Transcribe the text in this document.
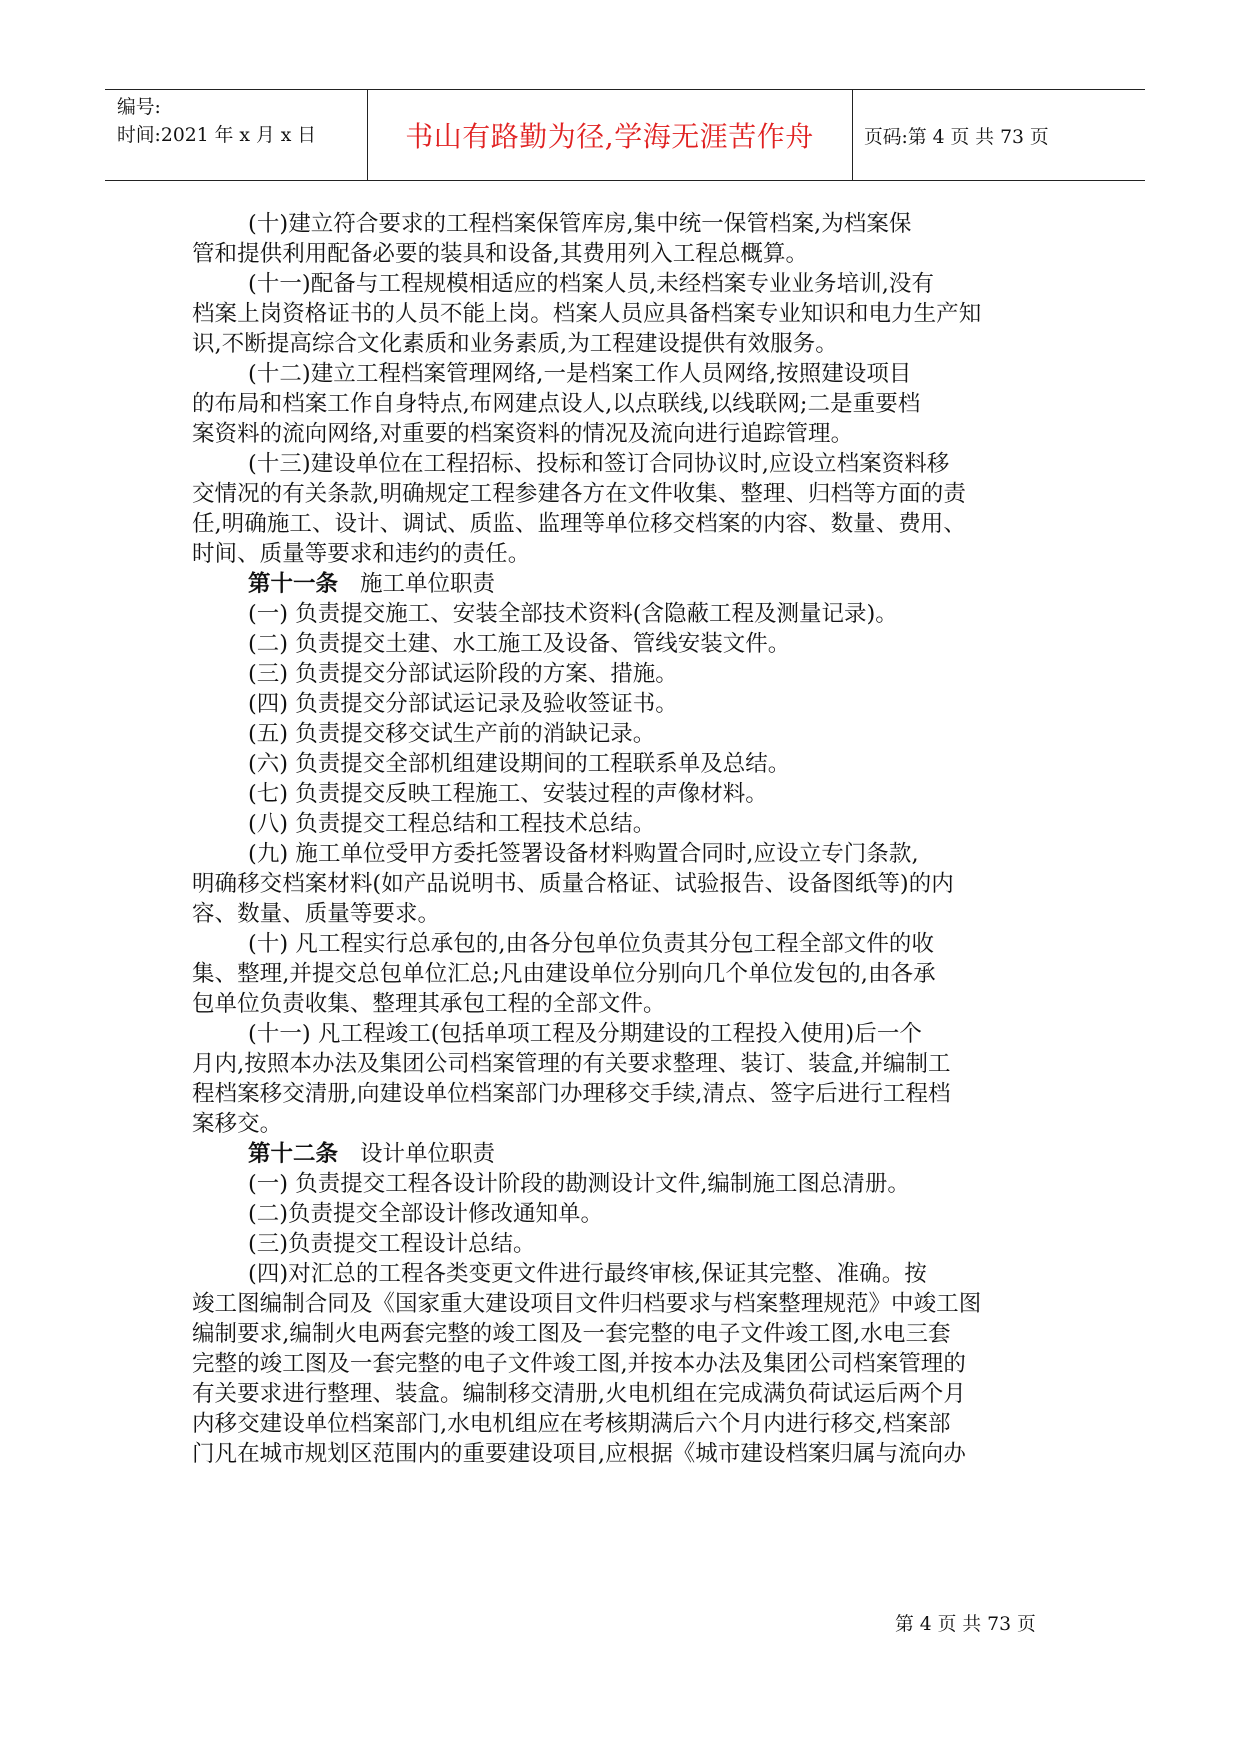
编号:
时间:2021 年 x 月 x 日	书山有路勤为径,学海无涯苦作舟	页码:第 4 页 共 73 页
(十)建立符合要求的工程档案保管库房,集中统一保管档案,为档案保
管和提供利用配备必要的装具和设备,其费用列入工程总概算。
(十一)配备与工程规模相适应的档案人员,未经档案专业业务培训,没有
档案上岗资格证书的人员不能上岗。档案人员应具备档案专业知识和电力生产知
识,不断提高综合文化素质和业务素质,为工程建设提供有效服务。
(十二)建立工程档案管理网络,一是档案工作人员网络,按照建设项目
的布局和档案工作自身特点,布网建点设人,以点联线,以线联网;二是重要档
案资料的流向网络,对重要的档案资料的情况及流向进行追踪管理。
(十三)建设单位在工程招标、投标和签订合同协议时,应设立档案资料移
交情况的有关条款,明确规定工程参建各方在文件收集、整理、归档等方面的责
任,明确施工、设计、调试、质监、监理等单位移交档案的内容、数量、费用、
时间、质量等要求和违约的责任。
第十一条 施工单位职责
(一) 负责提交施工、安装全部技术资料(含隐蔽工程及测量记录)。
(二) 负责提交土建、水工施工及设备、管线安装文件。
(三) 负责提交分部试运阶段的方案、措施。
(四) 负责提交分部试运记录及验收签证书。
(五) 负责提交移交试生产前的消缺记录。
(六) 负责提交全部机组建设期间的工程联系单及总结。
(七) 负责提交反映工程施工、安装过程的声像材料。
(八) 负责提交工程总结和工程技术总结。
(九) 施工单位受甲方委托签署设备材料购置合同时,应设立专门条款,
明确移交档案材料(如产品说明书、质量合格证、试验报告、设备图纸等)的内
容、数量、质量等要求。
(十) 凡工程实行总承包的,由各分包单位负责其分包工程全部文件的收
集、整理,并提交总包单位汇总;凡由建设单位分别向几个单位发包的,由各承
包单位负责收集、整理其承包工程的全部文件。
(十一) 凡工程竣工(包括单项工程及分期建设的工程投入使用)后一个
月内,按照本办法及集团公司档案管理的有关要求整理、装订、装盒,并编制工
程档案移交清册,向建设单位档案部门办理移交手续,清点、签字后进行工程档
案移交。
第十二条 设计单位职责
(一) 负责提交工程各设计阶段的勘测设计文件,编制施工图总清册。
(二)负责提交全部设计修改通知单。
(三)负责提交工程设计总结。
(四)对汇总的工程各类变更文件进行最终审核,保证其完整、准确。按
竣工图编制合同及《国家重大建设项目文件归档要求与档案整理规范》中竣工图
编制要求,编制火电两套完整的竣工图及一套完整的电子文件竣工图,水电三套
完整的竣工图及一套完整的电子文件竣工图,并按本办法及集团公司档案管理的
有关要求进行整理、装盒。编制移交清册,火电机组在完成满负荷试运后两个月
内移交建设单位档案部门,水电机组应在考核期满后六个月内进行移交,档案部
门凡在城市规划区范围内的重要建设项目,应根据《城市建设档案归属与流向办
第 4 页 共 73 页
